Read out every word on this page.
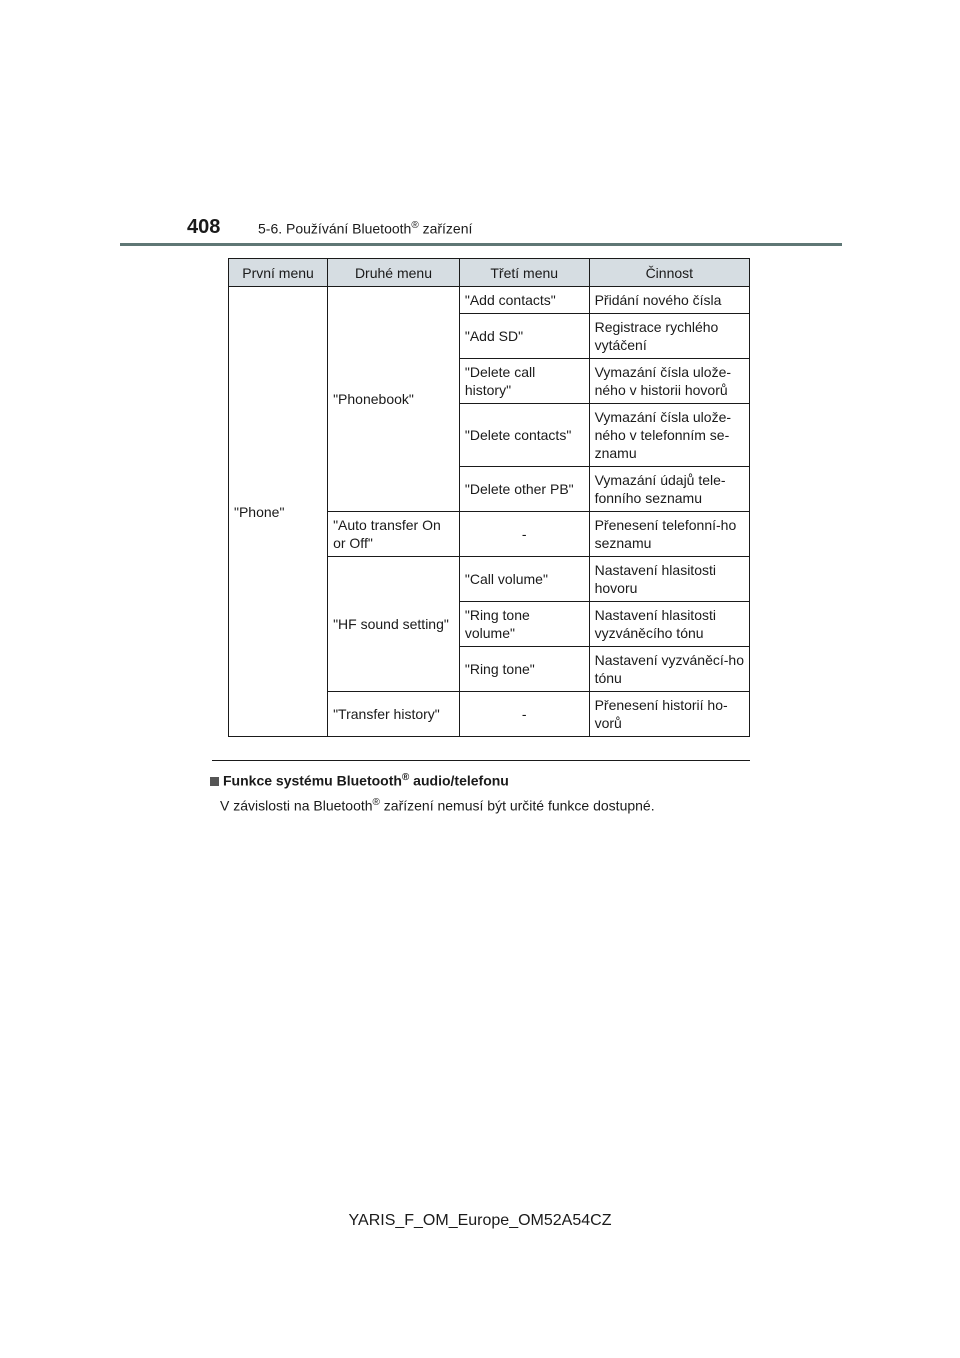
408	5-6. Používání Bluetooth® zařízení
První menu	Druhé menu	Třetí menu	Činnost
"Phone"	"Phonebook"	"Add contacts"	Přidání nového čísla
		"Add SD"	Registrace rychlého vytáčení
		"Delete call history"	Vymazání čísla ulože-ného v historii hovorů
		"Delete contacts"	Vymazání čísla ulože-ného v telefonním se-znamu
		"Delete other PB"	Vymazání údajů tele-fonního seznamu
	"Auto transfer On or Off"	-	Přenesení telefonní-ho seznamu
	"HF sound setting"	"Call volume"	Nastavení hlasitosti hovoru
		"Ring tone volume"	Nastavení hlasitosti vyzváněcího tónu
		"Ring tone"	Nastavení vyzváněcí-ho tónu
	"Transfer history"	-	Přenesení historií ho-vorů
Funkce systému Bluetooth® audio/telefonu
V závislosti na Bluetooth® zařízení nemusí být určité funkce dostupné.
YARIS_F_OM_Europe_OM52A54CZ
